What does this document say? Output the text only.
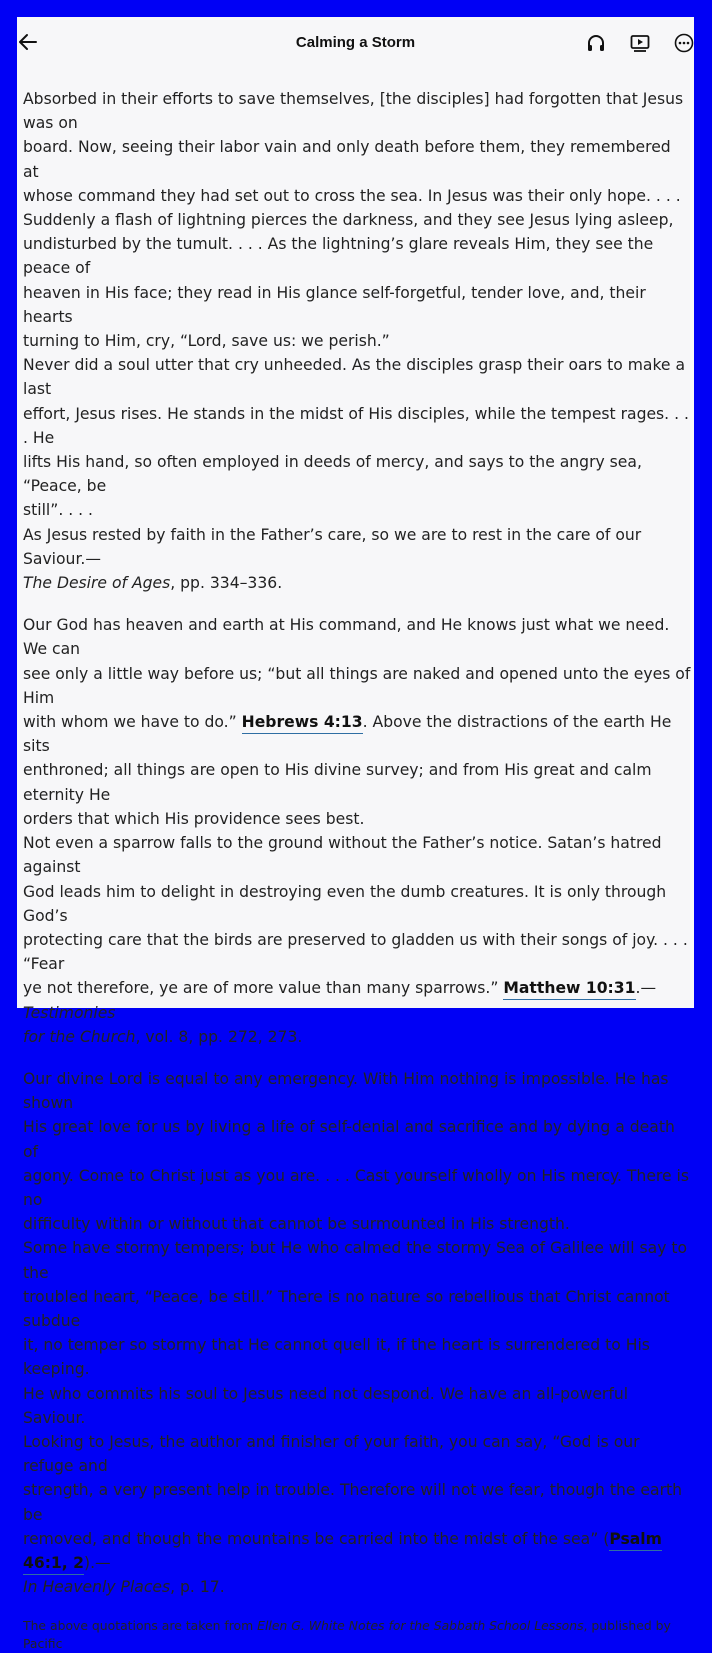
Calming a Storm

Absorbed in their efforts to save themselves, [the disciples] had forgotten that Jesus was on
board. Now, seeing their labor vain and only death before them, they remembered at
whose command they had set out to cross the sea. In Jesus was their only hope. . . .
Suddenly a flash of lightning pierces the darkness, and they see Jesus lying asleep,
undisturbed by the tumult. . . . As the lightning’s glare reveals Him, they see the peace of
heaven in His face; they read in His glance self-forgetful, tender love, and, their hearts
turning to Him, cry, “Lord, save us: we perish.”
Never did a soul utter that cry unheeded. As the disciples grasp their oars to make a last
effort, Jesus rises. He stands in the midst of His disciples, while the tempest rages. . . . He
lifts His hand, so often employed in deeds of mercy, and says to the angry sea, “Peace, be
still”. . . .
As Jesus rested by faith in the Father’s care, so we are to rest in the care of our Saviour.—
The Desire of Ages, pp. 334–336.

Our God has heaven and earth at His command, and He knows just what we need. We can
see only a little way before us; “but all things are naked and opened unto the eyes of Him
with whom we have to do.” Hebrews 4:13. Above the distractions of the earth He sits
enthroned; all things are open to His divine survey; and from His great and calm eternity He
orders that which His providence sees best.
Not even a sparrow falls to the ground without the Father’s notice. Satan’s hatred against
God leads him to delight in destroying even the dumb creatures. It is only through God’s
protecting care that the birds are preserved to gladden us with their songs of joy. . . . “Fear
ye not therefore, ye are of more value than many sparrows.” Matthew 10:31.—Testimonies
for the Church, vol. 8, pp. 272, 273.

Our divine Lord is equal to any emergency. With Him nothing is impossible. He has shown
His great love for us by living a life of self-denial and sacrifice and by dying a death of
agony. Come to Christ just as you are. . . . Cast yourself wholly on His mercy. There is no
difficulty within or without that cannot be surmounted in His strength.
Some have stormy tempers; but He who calmed the stormy Sea of Galilee will say to the
troubled heart, “Peace, be still.” There is no nature so rebellious that Christ cannot subdue
it, no temper so stormy that He cannot quell it, if the heart is surrendered to His keeping.
He who commits his soul to Jesus need not despond. We have an all-powerful Saviour.
Looking to Jesus, the author and finisher of your faith, you can say, “God is our refuge and
strength, a very present help in trouble. Therefore will not we fear, though the earth be
removed, and though the mountains be carried into the midst of the sea” (Psalm 46:1, 2).—
In Heavenly Places, p. 17.

The above quotations are taken from Ellen G. White Notes for the Sabbath School Lessons, published by Pacific
